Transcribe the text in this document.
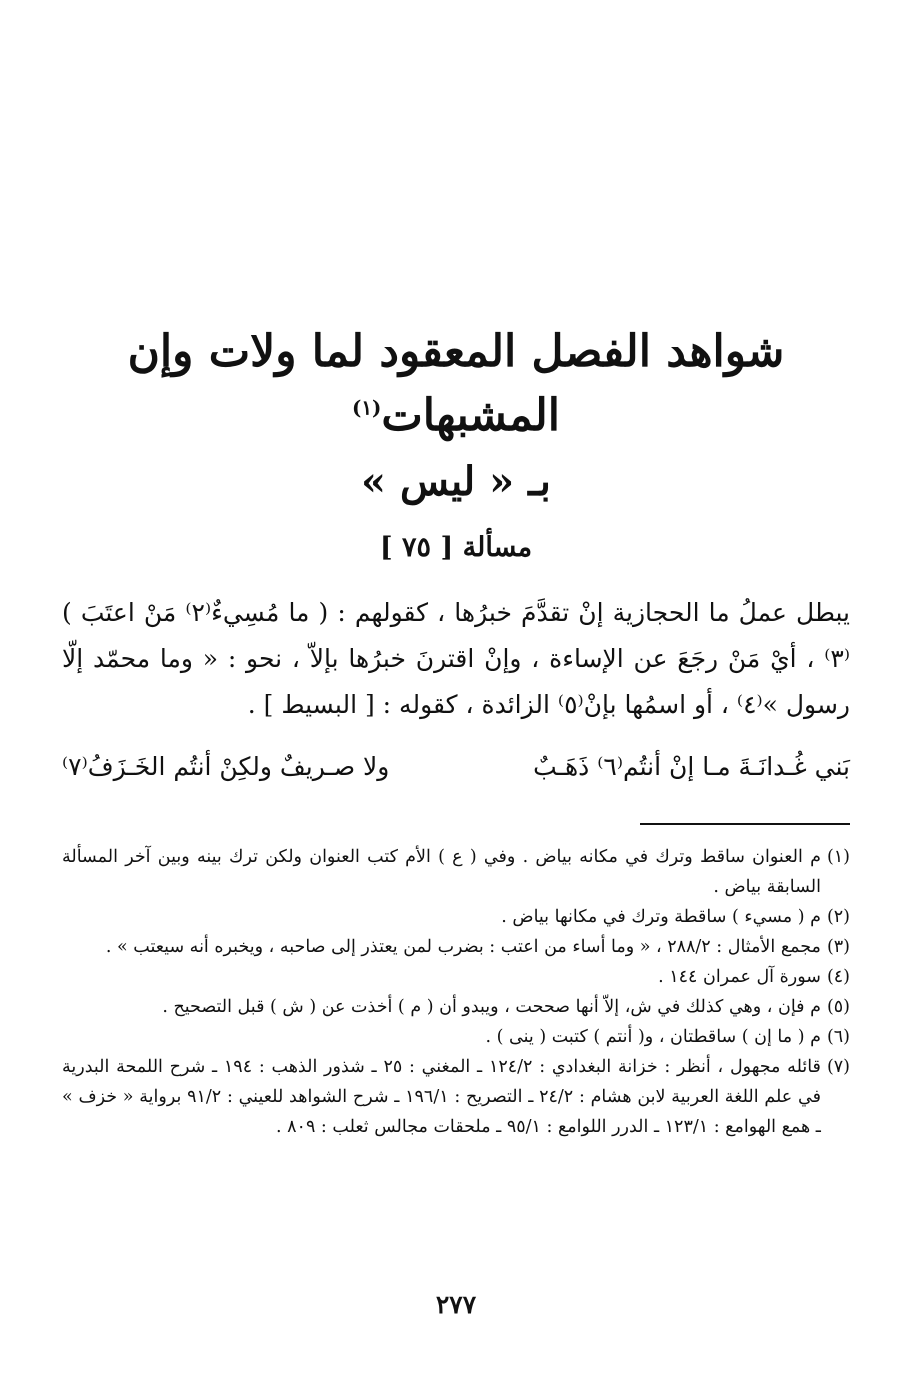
شواهد الفصل المعقود لما ولات وإن المشبهات$^{(١)}$
بـ « ليس »
مسألة [ ٧٥ ]

يبطل عملُ ما الحجازية إنْ تقدَّمَ خبرُها ، كقولهم : ( ما مُسِيءٌ⁽٢⁾ مَنْ اعتَبَ )⁽٣⁾ ، أيْ مَنْ رجَعَ عن الإساءة ، وإنْ اقترنَ خبرُها بإلاّ ، نحو : « وما محمّد إلّا رسول »⁽٤⁾ ، أو اسمُها بإنْ⁽٥⁾ الزائدة ، كقوله : [ البسيط ] .

بَني غُـدانَـةَ مـا إنْ أنتُم⁽٦⁾ ذَهَـبٌ
ولا صـريفٌ ولكِنْ أنتُم الخَـزَفُ⁽٧⁾

(١)
م العنوان ساقط وترك في مكانه بياض . وفي ( ع ) الأم كتب العنوان ولكن ترك بينه وبين آخر المسألة السابقة بياض .

(٢)
م ( مسيء ) ساقطة وترك في مكانها بياض .

(٣)
مجمع الأمثال : ٢٨٨/٢ ، « وما أساء من اعتب : بضرب لمن يعتذر إلى صاحبه ، ويخبره أنه سيعتب » .

(٤)
سورة آل عمران ١٤٤ .

(٥)
م فإن ، وهي كذلك في ش، إلاّ أنها صححت ، ويبدو أن ( م ) أخذت عن ( ش ) قبل التصحيح .

(٦)
م ( ما إن ) ساقطتان ، و( أنتم ) كتبت ( ينى ) .

(٧)
قائله مجهول ، أنظر : خزانة البغدادي : ١٢٤/٢ ـ المغني : ٢٥ ـ شذور الذهب : ١٩٤ ـ شرح اللمحة البدرية في علم اللغة العربية لابن هشام : ٢٤/٢ ـ التصريح : ١٩٦/١ ـ شرح الشواهد للعيني : ٩١/٢ برواية « خزف » ـ همع الهوامع : ١٢٣/١ ـ الدرر اللوامع : ٩٥/١ ـ ملحقات مجالس ثعلب : ٨٠٩ .

٢٧٧
